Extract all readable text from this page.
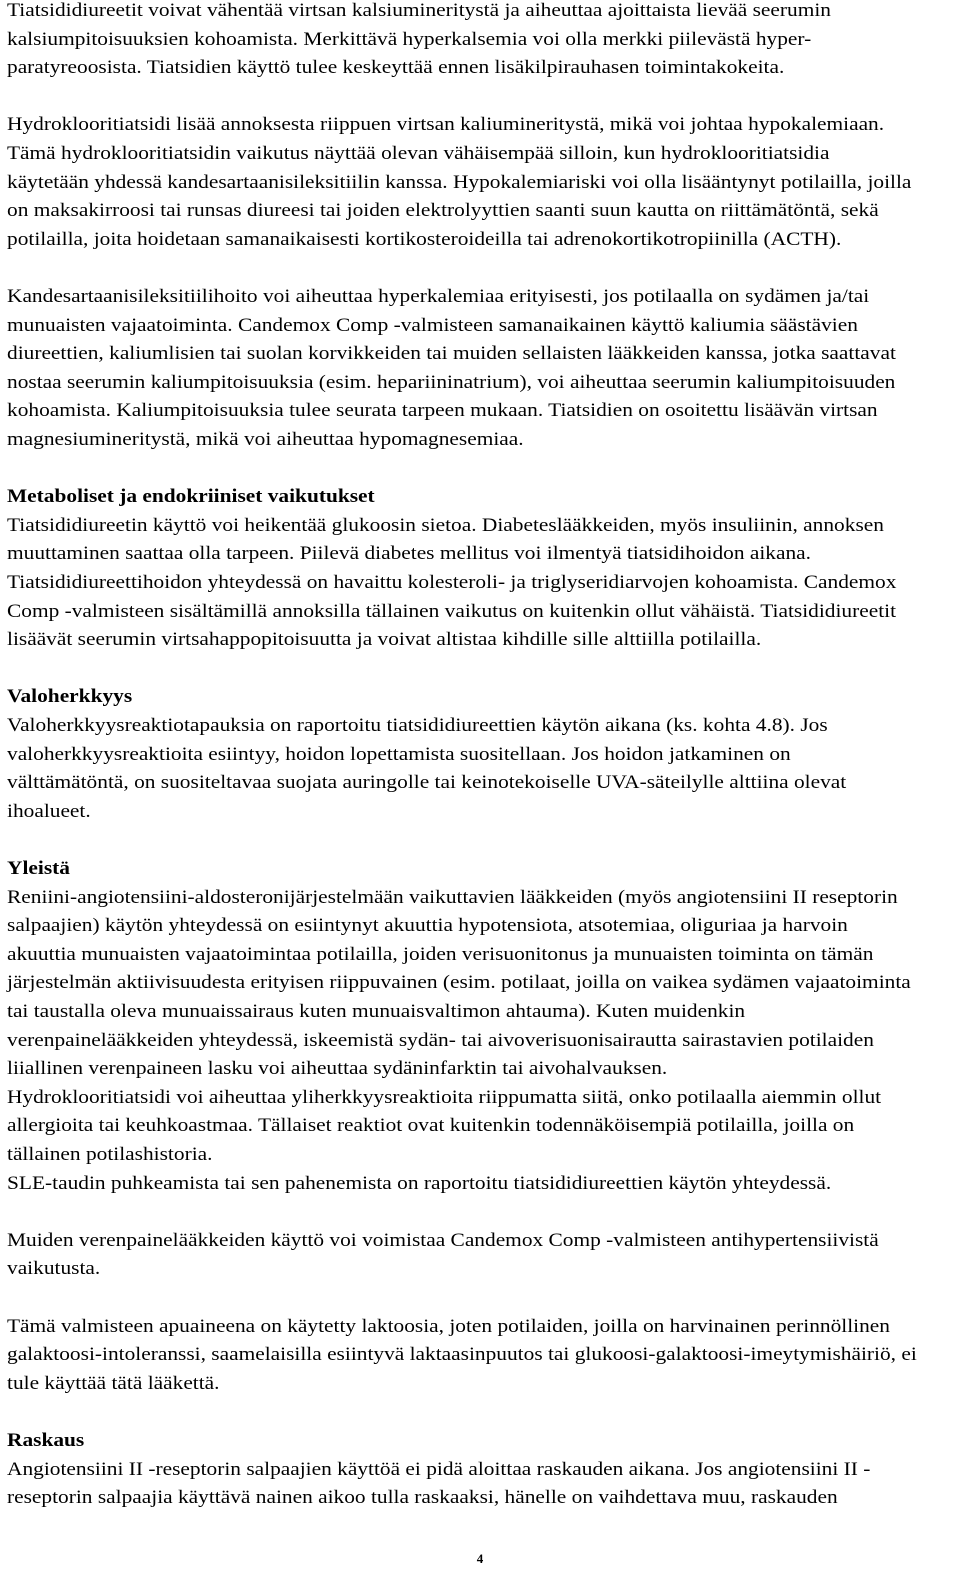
Tiatsididiureetit voivat vähentää virtsan kalsiumineritystä ja aiheuttaa ajoittaista lievää seerumin
kalsiumpitoisuuksien kohoamista. Merkittävä hyperkalsemia voi olla merkki piilevästä hyper-
paratyreoosista. Tiatsidien käyttö tulee keskeyttää ennen lisäkilpirauhasen toimintakokeita.
Hydroklooritiatsidi lisää annoksesta riippuen virtsan kaliumineritystä, mikä voi johtaa hypokalemiaan.
Tämä hydroklooritiatsidin vaikutus näyttää olevan vähäisempää silloin, kun hydroklooritiatsidia
käytetään yhdessä kandesartaanisileksitiilin kanssa. Hypokalemiariski voi olla lisääntynyt potilailla, joilla
on maksakirroosi tai runsas diureesi tai joiden elektrolyyttien saanti suun kautta on riittämätöntä, sekä
potilailla, joita hoidetaan samanaikaisesti kortikosteroideilla tai adrenokortikotropiinilla (ACTH).
Kandesartaanisileksitiilihoito voi aiheuttaa hyperkalemiaa erityisesti, jos potilaalla on sydämen ja/tai
munuaisten vajaatoiminta. Candemox Comp -valmisteen samanaikainen käyttö kaliumia säästävien
diureettien, kaliumlisien tai suolan korvikkeiden tai muiden sellaisten lääkkeiden kanssa, jotka saattavat
nostaa seerumin kaliumpitoisuuksia (esim. hepariininatrium), voi aiheuttaa seerumin kaliumpitoisuuden
kohoamista. Kaliumpitoisuuksia tulee seurata tarpeen mukaan. Tiatsidien on osoitettu lisäävän virtsan
magnesiumineritystä, mikä voi aiheuttaa hypomagnesemiaa.
Metaboliset ja endokriiniset vaikutukset
Tiatsididiureetin käyttö voi heikentää glukoosin sietoa. Diabeteslääkkeiden, myös insuliinin, annoksen
muuttaminen saattaa olla tarpeen. Piilevä diabetes mellitus voi ilmentyä tiatsidihoidon aikana.
Tiatsididiureettihoidon yhteydessä on havaittu kolesteroli- ja triglyseridiarvojen kohoamista. Candemox
Comp -valmisteen sisältämillä annoksilla tällainen vaikutus on kuitenkin ollut vähäistä. Tiatsididiureetit
lisäävät seerumin virtsahappopitoisuutta ja voivat altistaa kihdille sille alttiilla potilailla.
Valoherkkyys
Valoherkkyysreaktiotapauksia on raportoitu tiatsididiureettien käytön aikana (ks. kohta 4.8). Jos
valoherkkyysreaktioita esiintyy, hoidon lopettamista suositellaan. Jos hoidon jatkaminen on
välttämätöntä, on suositeltavaa suojata auringolle tai keinotekoiselle UVA-säteilylle alttiina olevat
ihoalueet.
Yleistä
Reniini-angiotensiini-aldosteronijärjestelmään vaikuttavien lääkkeiden (myös angiotensiini II reseptorin
salpaajien) käytön yhteydessä on esiintynyt akuuttia hypotensiota, atsotemiaa, oliguriaa ja harvoin
akuuttia munuaisten vajaatoimintaa potilailla, joiden verisuonitonus ja munuaisten toiminta on tämän
järjestelmän aktiivisuudesta erityisen riippuvainen (esim. potilaat, joilla on vaikea sydämen vajaatoiminta
tai taustalla oleva munuaissairaus kuten munuaisvaltimon ahtauma). Kuten muidenkin
verenpainelääkkeiden yhteydessä, iskeemistä sydän- tai aivoverisuonisairautta sairastavien potilaiden
liiallinen verenpaineen lasku voi aiheuttaa sydäninfarktin tai aivohalvauksen.
Hydroklooritiatsidi voi aiheuttaa yliherkkyysreaktioita riippumatta siitä, onko potilaalla aiemmin ollut
allergioita tai keuhkoastmaa. Tällaiset reaktiot ovat kuitenkin todennäköisempiä potilailla, joilla on
tällainen potilashistoria.
SLE-taudin puhkeamista tai sen pahenemista on raportoitu tiatsididiureettien käytön yhteydessä.
Muiden verenpainelääkkeiden käyttö voi voimistaa Candemox Comp -valmisteen antihypertensiivistä
vaikutusta.
Tämä valmisteen apuaineena on käytetty laktoosia, joten potilaiden, joilla on harvinainen perinnöllinen
galaktoosi-intoleranssi, saamelaisilla esiintyvä laktaasinpuutos tai glukoosi-galaktoosi-imeytymishäiriö, ei
tule käyttää tätä lääkettä.
Raskaus
Angiotensiini II -reseptorin salpaajien käyttöä ei pidä aloittaa raskauden aikana. Jos angiotensiini II -
reseptorin salpaajia käyttävä nainen aikoo tulla raskaaksi, hänelle on vaihdettava muu, raskauden
4
